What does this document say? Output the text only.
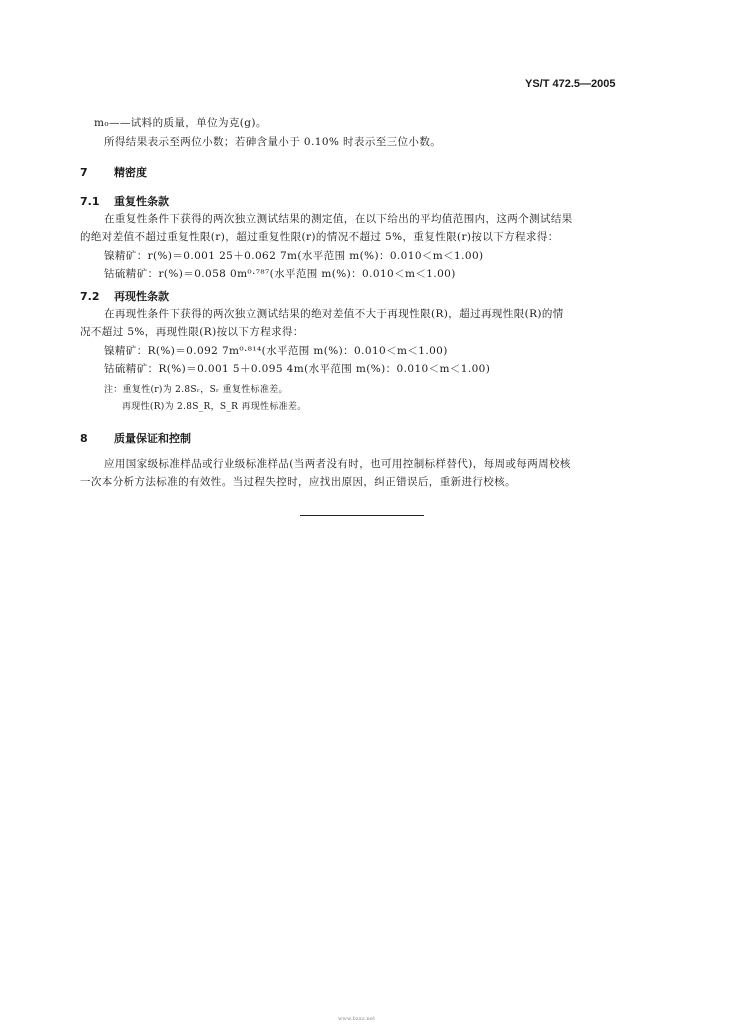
YS/T 472.5—2005
m₀——试料的质量，单位为克(g)。
所得结果表示至两位小数；若砷含量小于 0.10% 时表示至三位小数。
7 精密度
7.1 重复性条款
在重复性条件下获得的两次独立测试结果的测定值，在以下给出的平均值范围内，这两个测试结果
的绝对差值不超过重复性限(r)，超过重复性限(r)的情况不超过 5%，重复性限(r)按以下方程求得：
镍精矿：r(%)＝0.001 25＋0.062 7m(水平范围 m(%)：0.010＜m＜1.00)
钴硫精矿：r(%)＝0.058 0m⁰·⁷⁸⁷(水平范围 m(%)：0.010＜m＜1.00)
7.2 再现性条款
在再现性条件下获得的两次独立测试结果的绝对差值不大于再现性限(R)，超过再现性限(R)的情
况不超过 5%，再现性限(R)按以下方程求得：
镍精矿：R(%)＝0.092 7m⁰·⁸¹⁴(水平范围 m(%)：0.010＜m＜1.00)
钴硫精矿：R(%)＝0.001 5＋0.095 4m(水平范围 m(%)：0.010＜m＜1.00)
注：重复性(r)为 2.8Sᵣ，Sᵣ 重复性标准差。
再现性(R)为 2.8S_R，S_R 再现性标准差。
8 质量保证和控制
应用国家级标准样品或行业级标准样品(当两者没有时，也可用控制标样替代)，每周或每两周校核
一次本分析方法标准的有效性。当过程失控时，应找出原因，纠正错误后，重新进行校核。
www.bzxz.net
